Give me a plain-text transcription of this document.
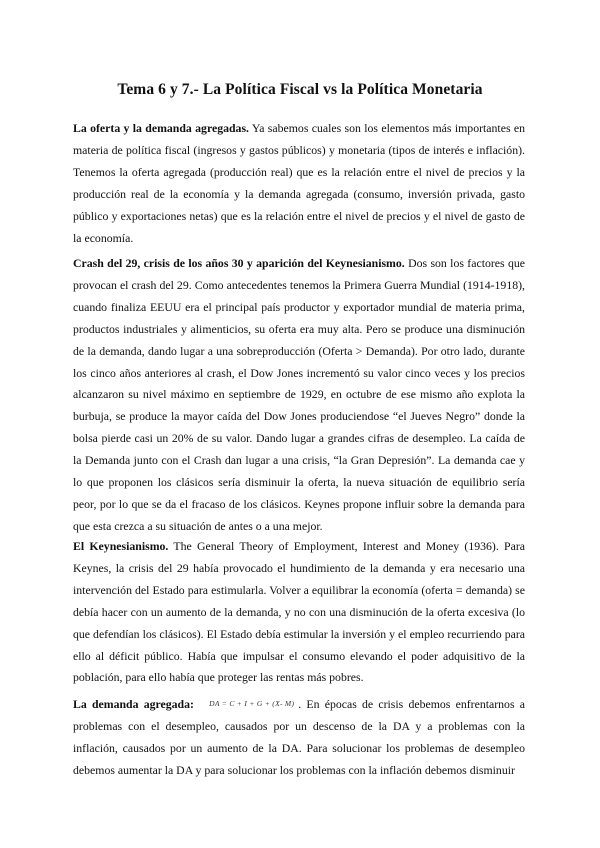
Tema 6 y 7.- La Política Fiscal vs la Política Monetaria

La oferta y la demanda agregadas. Ya sabemos cuales son los elementos más importantes en materia de política fiscal (ingresos y gastos públicos) y monetaria (tipos de interés e inflación). Tenemos la oferta agregada (producción real) que es la relación entre el nivel de precios y la producción real de la economía y la demanda agregada (consumo, inversión privada, gasto público y exportaciones netas) que es la relación entre el nivel de precios y el nivel de gasto de la economía.

Crash del 29, crisis de los años 30 y aparición del Keynesianismo. Dos son los factores que provocan el crash del 29. Como antecedentes tenemos la Primera Guerra Mundial (1914-1918), cuando finaliza EEUU era el principal país productor y exportador mundial de materia prima, productos industriales y alimenticios, su oferta era muy alta. Pero se produce una disminución de la demanda, dando lugar a una sobreproducción (Oferta > Demanda). Por otro lado, durante los cinco años anteriores al crash, el Dow Jones incrementó su valor cinco veces y los precios alcanzaron su nivel máximo en septiembre de 1929, en octubre de ese mismo año explota la burbuja, se produce la mayor caída del Dow Jones produciendose “el Jueves Negro” donde la bolsa pierde casi un 20% de su valor. Dando lugar a grandes cifras de desempleo. La caída de la Demanda junto con el Crash dan lugar a una crisis, “la Gran Depresión”. La demanda cae y lo que proponen los clásicos sería disminuir la oferta, la nueva situación de equilibrio sería peor, por lo que se da el fracaso de los clásicos. Keynes propone influir sobre la demanda para que esta crezca a su situación de antes o a una mejor.

El Keynesianismo. The General Theory of Employment, Interest and Money (1936). Para Keynes, la crisis del 29 había provocado el hundimiento de la demanda y era necesario una intervención del Estado para estimularla. Volver a equilibrar la economía (oferta = demanda) se debía hacer con un aumento de la demanda, y no con una disminución de la oferta excesiva (lo que defendían los clásicos). El Estado debía estimular la inversión y el empleo recurriendo para ello al déficit público. Había que impulsar el consumo elevando el poder adquisitivo de la población, para ello había que proteger las rentas más pobres.

La demanda agregada: DA = C + I + G + (X- M) . En épocas de crisis debemos enfrentarnos a problemas con el desempleo, causados por un descenso de la DA y a problemas con la inflación, causados por un aumento de la DA. Para solucionar los problemas de desempleo debemos aumentar la DA y para solucionar los problemas con la inflación debemos disminuir
